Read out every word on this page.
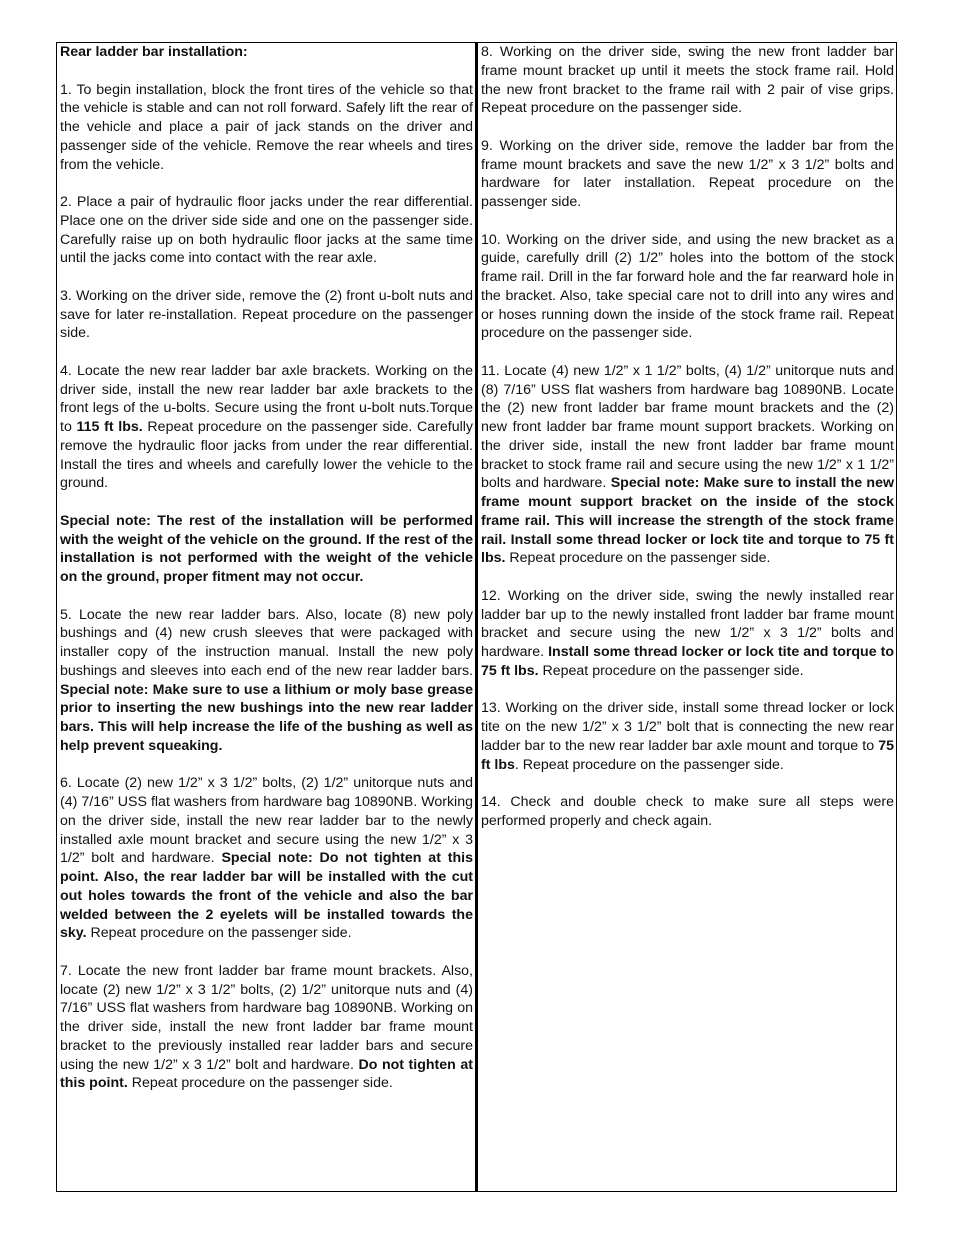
Rear ladder bar installation:

1. To begin installation, block the front tires of the vehicle so that the vehicle is stable and can not roll forward. Safely lift the rear of the vehicle and place a pair of jack stands on the driver and passenger side of the vehicle. Remove the rear wheels and tires from the vehicle.

2. Place a pair of hydraulic floor jacks under the rear differential. Place one on the driver side side and one on the passenger side. Carefully raise up on both hydraulic floor jacks at the same time until the jacks come into contact with the rear axle.

3. Working on the driver side, remove the (2) front u-bolt nuts and save for later re-installation. Repeat procedure on the passenger side.

4. Locate the new rear ladder bar axle brackets. Working on the driver side, install the new rear ladder bar axle brackets to the front legs of the u-bolts. Secure using the front u-bolt nuts.Torque to 115 ft lbs. Repeat procedure on the passenger side. Carefully remove the hydraulic floor jacks from under the rear differential. Install the tires and wheels and carefully lower the vehicle to the ground.

Special note: The rest of the installation will be performed with the weight of the vehicle on the ground. If the rest of the installation is not performed with the weight of the vehicle on the ground, proper fitment may not occur.

5. Locate the new rear ladder bars. Also, locate (8) new poly bushings and (4) new crush sleeves that were packaged with installer copy of the instruction manual. Install the new poly bushings and sleeves into each end of the new rear ladder bars. Special note: Make sure to use a lithium or moly base grease prior to inserting the new bushings into the new rear ladder bars. This will help increase the life of the bushing as well as help prevent squeaking.

6. Locate (2) new 1/2” x 3 1/2” bolts, (2) 1/2” unitorque nuts and (4) 7/16” USS flat washers from hardware bag 10890NB. Working on the driver side, install the new rear ladder bar to the newly installed axle mount bracket and secure using the new 1/2” x 3 1/2” bolt and hardware. Special note: Do not tighten at this point. Also, the rear ladder bar will be installed with the cut out holes towards the front of the vehicle and also the bar welded between the 2 eyelets will be installed towards the sky. Repeat procedure on the passenger side.

7. Locate the new front ladder bar frame mount brackets. Also, locate (2) new 1/2” x 3 1/2” bolts, (2) 1/2” unitorque nuts and (4) 7/16” USS flat washers from hardware bag 10890NB. Working on the driver side, install the new front ladder bar frame mount bracket to the previously installed rear ladder bars and secure using the new 1/2” x 3 1/2” bolt and hardware. Do not tighten at this point. Repeat procedure on the passenger side.

8. Working on the driver side, swing the new front ladder bar frame mount bracket up until it meets the stock frame rail. Hold the new front bracket to the frame rail with 2 pair of vise grips. Repeat procedure on the passenger side.

9. Working on the driver side, remove the ladder bar from the frame mount brackets and save the new 1/2” x 3 1/2” bolts and hardware for later installation. Repeat procedure on the passenger side.

10. Working on the driver side, and using the new bracket as a guide, carefully drill (2) 1/2” holes into the bottom of the stock frame rail. Drill in the far forward hole and the far rearward hole in the bracket. Also, take special care not to drill into any wires and or hoses running down the inside of the stock frame rail. Repeat procedure on the passenger side.

11. Locate (4) new 1/2” x 1 1/2” bolts, (4) 1/2” unitorque nuts and (8) 7/16” USS flat washers from hardware bag 10890NB. Locate the (2) new front ladder bar frame mount brackets and the (2) new front ladder bar frame mount support brackets. Working on the driver side, install the new front ladder bar frame mount bracket to stock frame rail and secure using the new 1/2” x 1 1/2” bolts and hardware. Special note: Make sure to install the new frame mount support bracket on the inside of the stock frame rail. This will increase the strength of the stock frame rail. Install some thread locker or lock tite and torque to 75 ft lbs. Repeat procedure on the passenger side.

12. Working on the driver side, swing the newly installed rear ladder bar up to the newly installed front ladder bar frame mount bracket and secure using the new 1/2” x 3 1/2” bolts and hardware. Install some thread locker or lock tite and torque to 75 ft lbs. Repeat procedure on the passenger side.

13. Working on the driver side, install some thread locker or lock tite on the new 1/2” x 3 1/2” bolt that is connecting the new rear ladder bar to the new rear ladder bar axle mount and torque to 75 ft lbs. Repeat procedure on the passenger side.

14. Check and double check to make sure all steps were performed properly and check again.
